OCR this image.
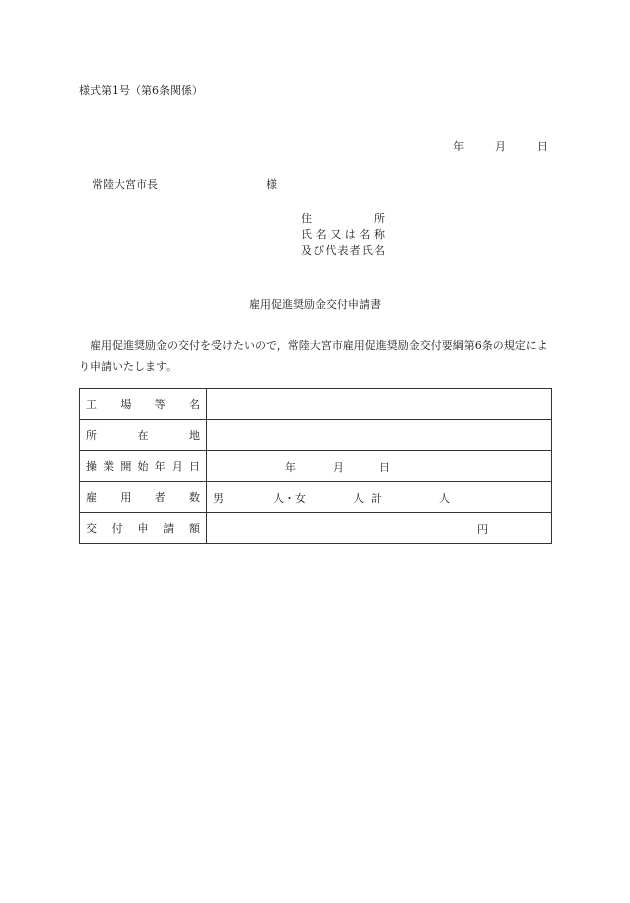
様式第1号（第6条関係）
年	月	日
常陸大宮市長	様
住所
氏名又は名称
及び代表者氏名
雇用促進奨励金交付申請書
雇用促進奨励金の交付を受けたいので，常陸大宮市雇用促進奨励金交付要綱第6条の規定により申請いたします。
工場等名	
所在地	
操業開始年月日	年 月 日

雇用者数	男 人・女 人 計 人

交付申請額	円
